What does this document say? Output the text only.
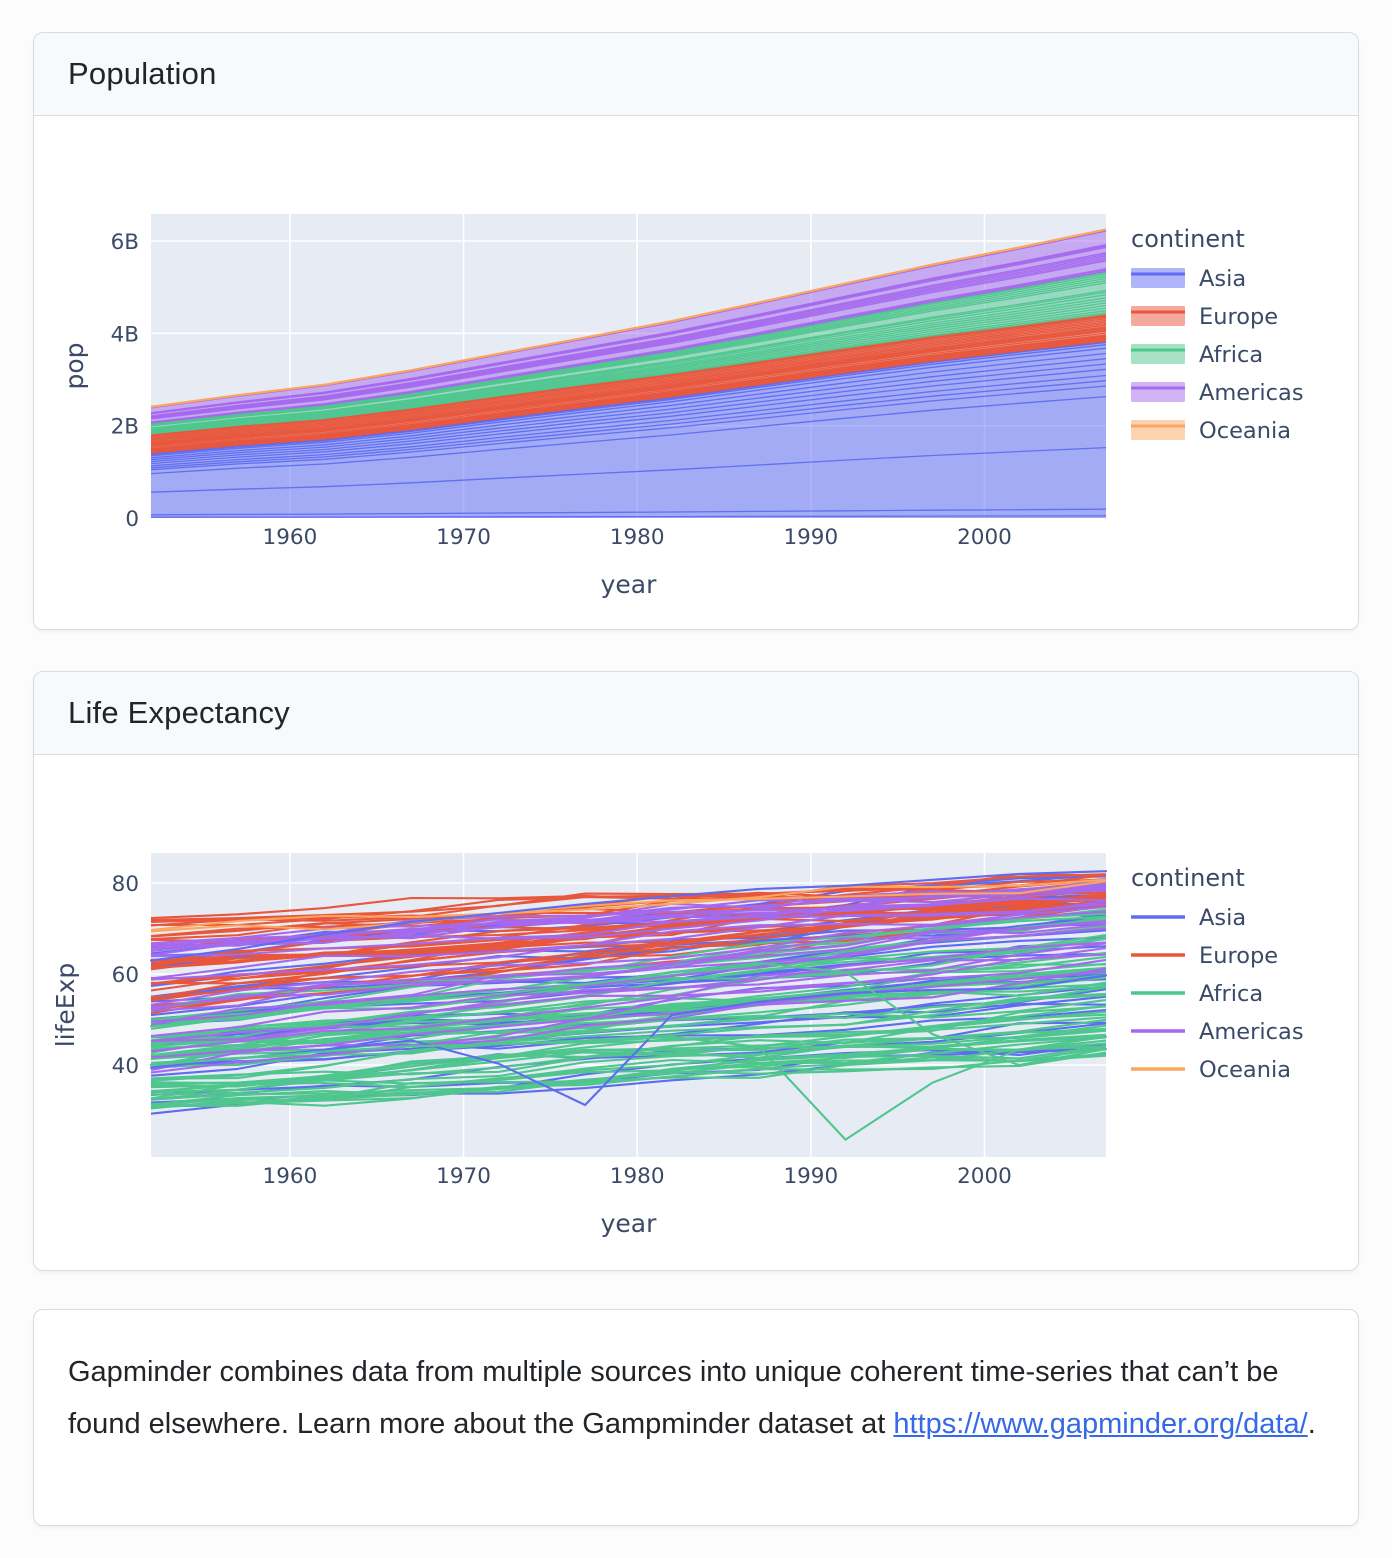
Population
1960	1970	1980	1990	2000
0
2B
4B
6B
year
pop
continent
Asia
Europe
Africa
Americas
Oceania
Life Expectancy
1960	1970	1980	1990	2000
40
60
80
year
lifeExp
continent
Asia
Europe
Africa
Americas
Oceania

Gapminder combines data from multiple sources into unique coherent time-series that can’t be found elsewhere. Learn more about the Gampminder dataset at https://www.gapminder.org/data/.
